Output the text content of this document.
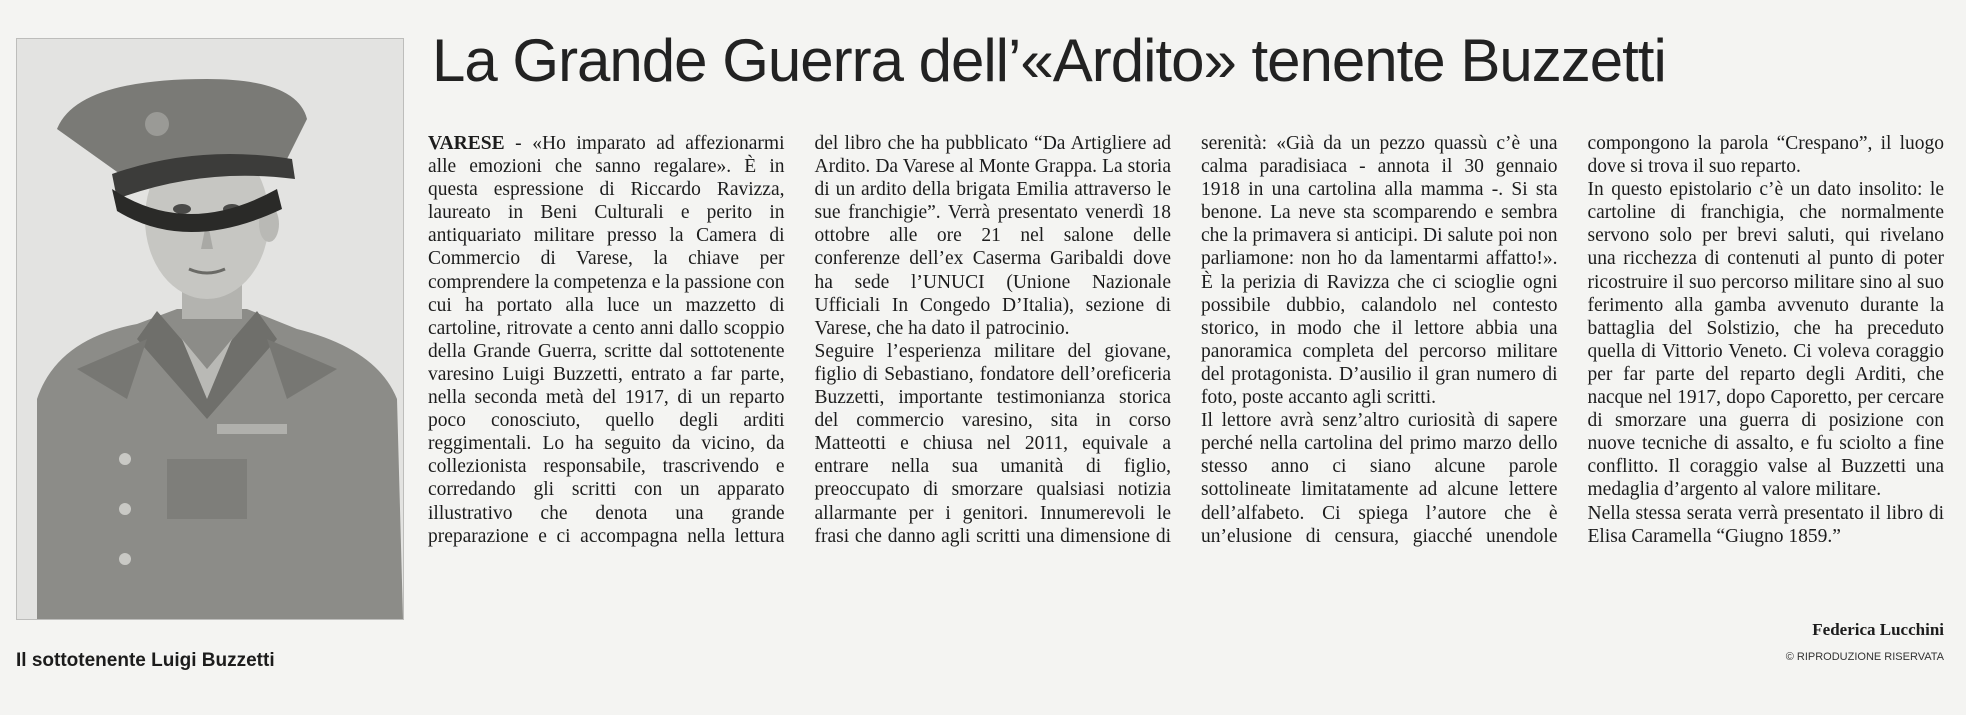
Il sottotenente Luigi Buzzetti
La Grande Guerra dell’«Ardito» tenente Buzzetti

VARESE - «Ho imparato ad affezionarmi alle emozioni che sanno regalare». È in questa espressione di Riccardo Ravizza, laureato in Beni Culturali e perito in antiquariato militare presso la Camera di Commercio di Varese, la chiave per comprendere la competenza e la passione con cui ha portato alla luce un mazzetto di cartoline, ritrovate a cento anni dallo scoppio della Grande Guerra, scritte dal sottotenente varesino Luigi Buzzetti, entrato a far parte, nella seconda metà del 1917, di un reparto poco conosciuto, quello degli arditi reggimentali. Lo ha seguito da vicino, da collezionista responsabile, trascrivendo e corredando gli scritti con un apparato illustrativo che denota una grande preparazione e ci accompagna nella lettura del libro che ha pubblicato “Da Artigliere ad Ardito. Da Varese al Monte Grappa. La storia di un ardito della brigata Emilia attraverso le sue franchigie”. Verrà presentato venerdì 18 ottobre alle ore 21 nel salone delle conferenze dell’ex Caserma Garibaldi dove ha sede l’UNUCI (Unione Nazionale Ufficiali In Congedo D’Italia), sezione di Varese, che ha dato il patrocinio.

Seguire l’esperienza militare del giovane, figlio di Sebastiano, fondatore dell’oreficeria Buzzetti, importante testimonianza storica del commercio varesino, sita in corso Matteotti e chiusa nel 2011, equivale a entrare nella sua umanità di figlio, preoccupato di smorzare qualsiasi notizia allarmante per i genitori. Innumerevoli le frasi che danno agli scritti una dimensione di serenità: «Già da un pezzo quassù c’è una calma paradisiaca - annota il 30 gennaio 1918 in una cartolina alla mamma -. Si sta benone. La neve sta scomparendo e sembra che la primavera si anticipi. Di salute poi non parliamone: non ho da lamentarmi affatto!». È la perizia di Ravizza che ci scioglie ogni possibile dubbio, calandolo nel contesto storico, in modo che il lettore abbia una panoramica completa del percorso militare del protagonista. D’ausilio il gran numero di foto, poste accanto agli scritti.

Il lettore avrà senz’altro curiosità di sapere perché nella cartolina del primo marzo dello stesso anno ci siano alcune parole sottolineate limitatamente ad alcune lettere dell’alfabeto. Ci spiega l’autore che è un’elusione di censura, giacché unendole compongono la parola “Crespano”, il luogo dove si trova il suo reparto.

In questo epistolario c’è un dato insolito: le cartoline di franchigia, che normalmente servono solo per brevi saluti, qui rivelano una ricchezza di contenuti al punto di poter ricostruire il suo percorso militare sino al suo ferimento alla gamba avvenuto durante la battaglia del Solstizio, che ha preceduto quella di Vittorio Veneto. Ci voleva coraggio per far parte del reparto degli Arditi, che nacque nel 1917, dopo Caporetto, per cercare di smorzare una guerra di posizione con nuove tecniche di assalto, e fu sciolto a fine conflitto. Il coraggio valse al Buzzetti una medaglia d’argento al valore militare.

Nella stessa serata verrà presentato il libro di Elisa Caramella “Giugno 1859.”

Federica Lucchini
© RIPRODUZIONE RISERVATA
